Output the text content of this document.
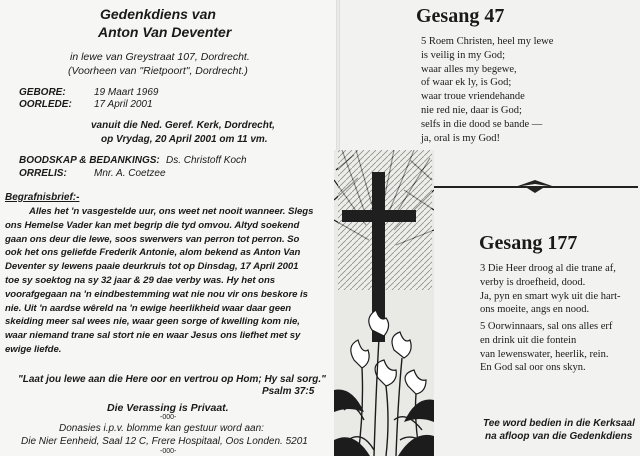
Gedenkdiens van
Anton Van Deventer
in lewe van Greystraat 107, Dordrecht.
(Voorheen van "Rietpoort", Dordrecht.)
GEBORE:	19 Maart 1969
OORLEDE: 17 April 2001
vanuit die Ned. Geref. Kerk, Dordrecht,
op Vrydag, 20 April 2001 om 11 vm.
BOODSKAP & BEDANKINGS: Ds. Christoff Koch
ORRELIS:	Mnr. A. Coetzee
Begrafnisbrief:-
Alles het 'n vasgestelde uur, ons weet net nooit wanneer. Slegs
ons Hemelse Vader kan met begrip die tyd omvou. Altyd soekend
gaan ons deur die lewe, soos swerwers van perron tot perron. So
ook het ons geliefde Frederik Antonie, alom bekend as Anton Van
Deventer sy lewens paaie deurkruis tot op Dinsdag, 17 April 2001
toe sy soektog na sy 32 jaar & 29 dae verby was. Hy het ons
voorafgegaan na 'n eindbestemming wat nie nou vir ons beskore is
nie. Uit 'n aardse wêreld na 'n ewige heerlikheid waar daar geen
skeiding meer sal wees nie, waar geen sorge of kwelling kom nie,
waar niemand trane sal stort nie en waar Jesus ons liefhet met sy
ewige liefde.
"Laat jou lewe aan die Here oor en vertrou op Hom; Hy sal sorg."
Psalm 37:5
Die Verassing is Privaat.
-000-
Donasies i.p.v. blomme kan gestuur word aan:
Die Nier Eenheid, Saal 12 C, Frere Hospitaal, Oos Londen. 5201
-000-
Gesang 47
5 Roem Christen, heel my lewe
is veilig in my God;
waar alles my begewe,
of waar ek ly, is God;
waar troue vriendehande
nie red nie, daar is God;
selfs in die dood se bande —
ja, oral is my God!
Gesang 177
3 Die Heer droog al die trane af,
verby is droefheid, dood.
Ja, pyn en smart wyk uit die hart-
ons moeite, angs en nood.
5 Oorwinnaars, sal ons alles erf
en drink uit die fontein
van lewenswater, heerlik, rein.
En God sal oor ons skyn.
Tee word bedien in die Kerksaal
na afloop van die Gedenkdiens
